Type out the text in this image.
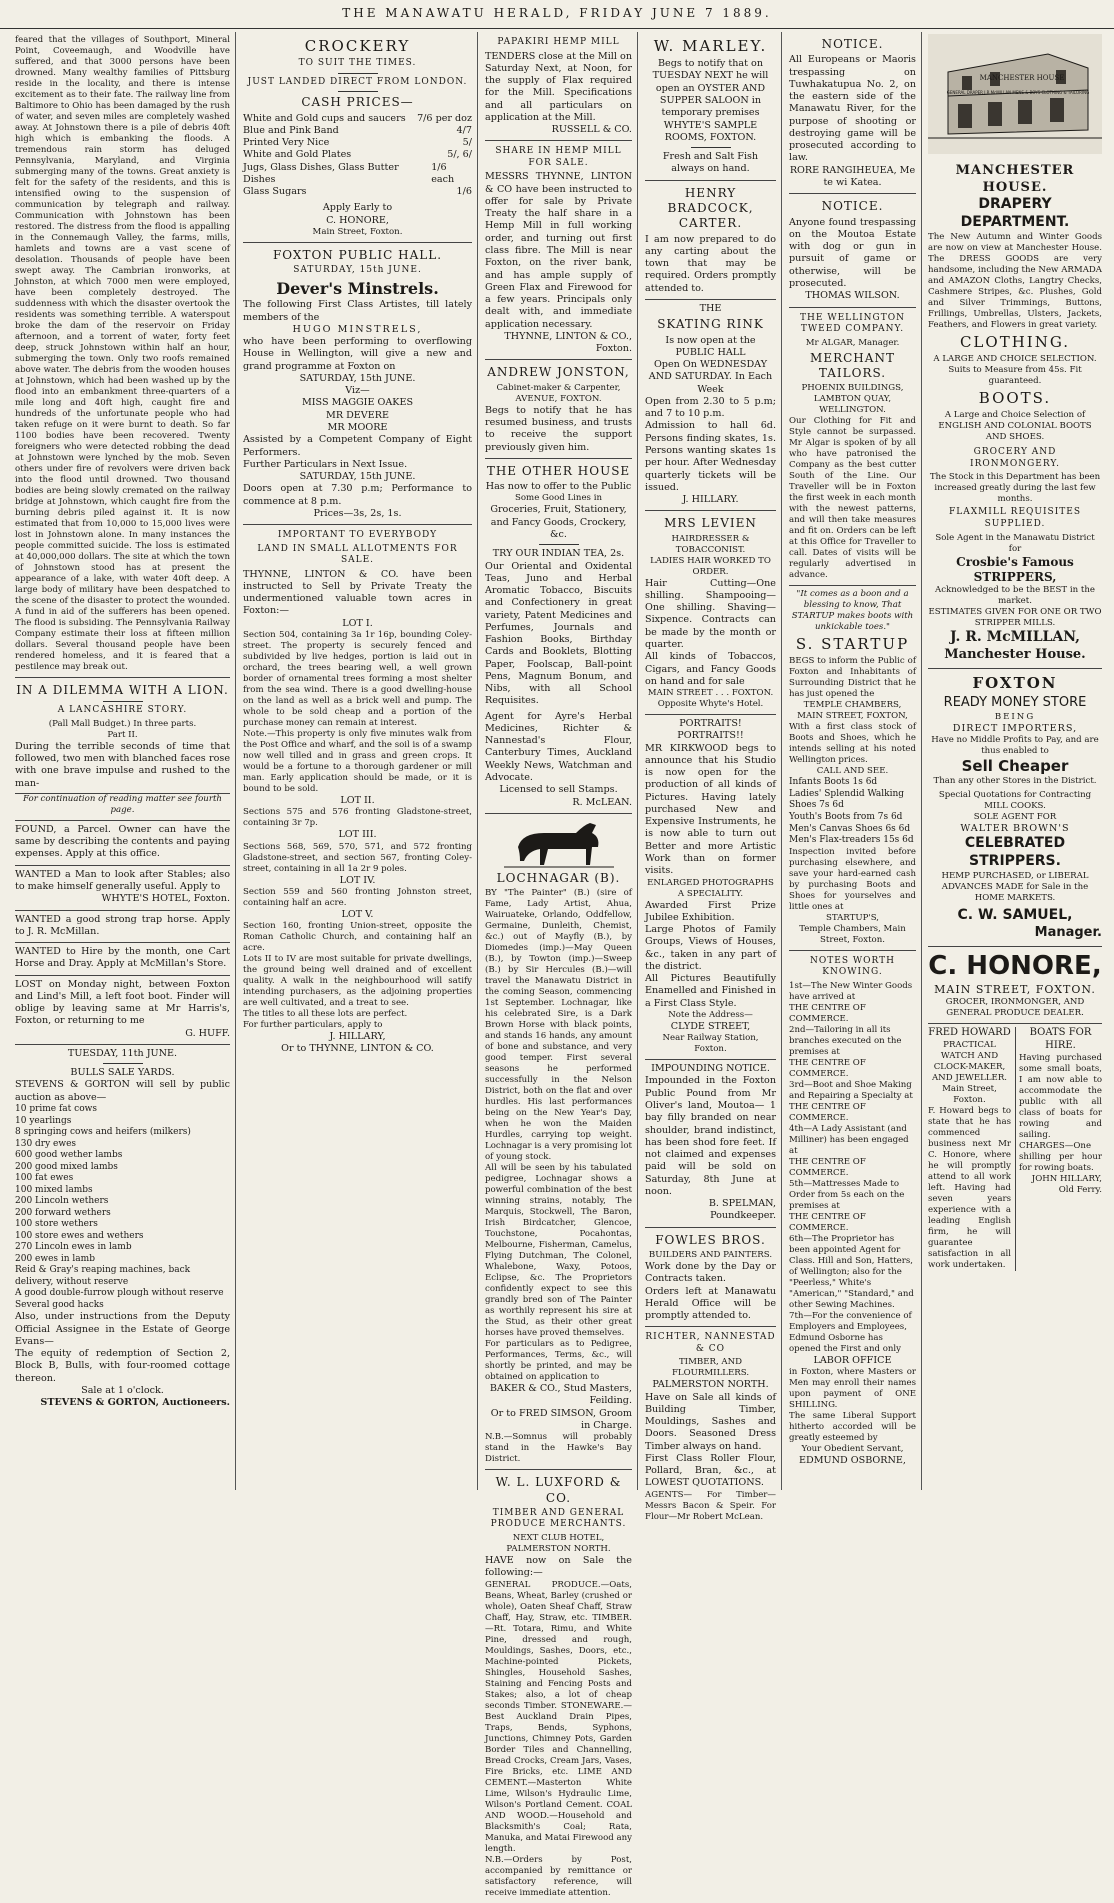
THE MANAWATU HERALD, FRIDAY JUNE 7 1889.
feared that the villages of Southport, Mineral Point, Coveemaugh, and Woodville have suffered, and that 3000 persons have been drowned. Many wealthy families of Pittsburg reside in the locality, and there is intense excitement as to their fate. The railway line from Baltimore to Ohio has been damaged by the rush of water, and seven miles are completely washed away. At Johnstown there is a pile of debris 40ft high which is embanking the floods. A tremendous rain storm has deluged Pennsylvania, Maryland, and Virginia submerging many of the towns. Great anxiety is felt for the safety of the residents, and this is intensified owing to the suspension of communication by telegraph and railway. Communication with Johnstown has been restored. The distress from the flood is appalling in the Connemaugh Valley, the farms, mills, hamlets and towns are a vast scene of desolation. Thousands of people have been swept away. The Cambrian ironworks, at Johnston, at which 7000 men were employed, have been completely destroyed. The suddenness with which the disaster overtook the residents was something terrible. A waterspout broke the dam of the reservoir on Friday afternoon, and a torrent of water, forty feet deep, struck Johnstown within half an hour, submerging the town. Only two roofs remained above water. The debris from the wooden houses at Johnstown, which had been washed up by the flood into an embankment three-quarters of a mile long and 40ft high, caught fire and hundreds of the unfortunate people who had taken refuge on it were burnt to death. So far 1100 bodies have been recovered. Twenty foreigners who were detected robbing the dead at Johnstown were lynched by the mob. Seven others under fire of revolvers were driven back into the flood until drowned. Two thousand bodies are being slowly cremated on the railway bridge at Johnstown, which caught fire from the burning debris piled against it. It is now estimated that from 10,000 to 15,000 lives were lost in Johnstown alone. In many instances the people committed suicide. The loss is estimated at 40,000,000 dollars. The site at which the town of Johnstown stood has at present the appearance of a lake, with water 40ft deep. A large body of military have been despatched to the scene of the disaster to protect the wounded. A fund in aid of the sufferers has been opened. The flood is subsiding. The Pennsylvania Railway Company estimate their loss at fifteen million dollars. Several thousand people have been rendered homeless, and it is feared that a pestilence may break out.
IN A DILEMMA WITH A LION.
A LANCASHIRE STORY.
(Pall Mall Budget.) In three parts.
Part II.
During the terrible seconds of time that followed, two men with blanched faces rose with one brave impulse and rushed to the man-
For continuation of reading matter see fourth page.
FOUND, a Parcel. Owner can have the same by describing the contents and paying expenses. Apply at this office.
WANTED a Man to look after Stables; also to make himself generally useful. Apply to
WHYTE'S HOTEL, Foxton.
WANTED a good strong trap horse. Apply to J. R. McMillan.
WANTED to Hire by the month, one Cart Horse and Dray. Apply at McMillan's Store.
LOST on Monday night, between Foxton and Lind's Mill, a left foot boot. Finder will oblige by leaving same at Mr Harris's, Foxton, or returning to me
G. HUFF.
TUESDAY, 11th JUNE.
BULLS SALE YARDS.
STEVENS & GORTON will sell by public auction as above—
10 prime fat cows
10 yearlings
8 springing cows and heifers (milkers)
130 dry ewes
600 good wether lambs
200 good mixed lambs
100 fat ewes
100 mixed lambs
200 Lincoln wethers
200 forward wethers
100 store wethers
100 store ewes and wethers
270 Lincoln ewes in lamb
200 ewes in lamb
Reid & Gray's reaping machines, back delivery, without reserve
A good double-furrow plough without reserve
Several good hacks
Also, under instructions from the Deputy Official Assignee in the Estate of George Evans—
The equity of redemption of Section 2, Block B, Bulls, with four-roomed cottage thereon.
Sale at 1 o'clock.
STEVENS & GORTON, Auctioneers.
CROCKERY
TO SUIT THE TIMES.
JUST LANDED DIRECT FROM LONDON.
CASH PRICES—
White and Gold cups and saucers 7/6 per doz
Blue and Pink Band	4/7
Printed Very Nice	5/
White and Gold Plates	5/, 6/
Jugs, Glass Dishes, Glass Butter Dishes
1/6 each
Glass Sugars	1/6
Apply Early to
C. HONORE,
Main Street, Foxton.
FOXTON PUBLIC HALL.
SATURDAY, 15th JUNE.
Dever's Minstrels.
The following First Class Artistes, till lately members of the
HUGO MINSTRELS,
who have been performing to overflowing House in Wellington, will give a new and grand programme at Foxton on
SATURDAY, 15th JUNE.
Viz—
MISS MAGGIE OAKES
MR DEVERE
MR MOORE
Assisted by a Competent Company of Eight Performers.
Further Particulars in Next Issue.
SATURDAY, 15th JUNE.
Doors open at 7.30 p.m; Performance to commence at 8 p.m.
Prices—3s, 2s, 1s.
IMPORTANT TO EVERYBODY
LAND IN SMALL ALLOTMENTS FOR SALE.
THYNNE, LINTON & CO. have been instructed to Sell by Private Treaty the undermentioned valuable town acres in Foxton:—
LOT I.
Section 504, containing 3a 1r 16p, bounding Coley-street. The property is securely fenced and subdivided by live hedges, portion is laid out in orchard, the trees bearing well, a well grown border of ornamental trees forming a most shelter from the sea wind. There is a good dwelling-house on the land as well as a brick well and pump. The whole to be sold cheap and a portion of the purchase money can remain at interest.
Note.—This property is only five minutes walk from the Post Office and wharf, and the soil is of a swamp now well tilled and in grass and green crops. It would be a fortune to a thorough gardener or mill man. Early application should be made, or it is bound to be sold.
LOT II.
Sections 575 and 576 fronting Gladstone-street, containing 3r 7p.
LOT III.
Sections 568, 569, 570, 571, and 572 fronting Gladstone-street, and section 567, fronting Coley-street, containing in all 1a 2r 9 poles.
LOT IV.
Section 559 and 560 fronting Johnston street, containing half an acre.
LOT V.
Section 160, fronting Union-street, opposite the Roman Catholic Church, and containing half an acre.
Lots II to IV are most suitable for private dwellings, the ground being well drained and of excellent quality. A walk in the neighbourhood will satify intending purchasers, as the adjoining properties are well cultivated, and a treat to see.
The titles to all these lots are perfect.
For further particulars, apply to
J. HILLARY,
Or to THYNNE, LINTON & CO.
PAPAKIRI HEMP MILL
TENDERS close at the Mill on Saturday Next, at Noon, for the supply of Flax required for the Mill. Specifications and all particulars on application at the Mill.
RUSSELL & CO.
SHARE IN HEMP MILL FOR SALE.
MESSRS THYNNE, LINTON & CO have been instructed to offer for sale by Private Treaty the half share in a Hemp Mill in full working order, and turning out first class fibre. The Mill is near Foxton, on the river bank, and has ample supply of Green Flax and Firewood for a few years. Principals only dealt with, and immediate application necessary.
THYNNE, LINTON & CO., Foxton.
ANDREW JONSTON,
Cabinet-maker & Carpenter, AVENUE, FOXTON.
Begs to notify that he has resumed business, and trusts to receive the support previously given him.
THE OTHER HOUSE
Has now to offer to the Public
Some Good Lines in
Groceries, Fruit, Stationery, and Fancy Goods, Crockery, &c.
TRY OUR INDIAN TEA, 2s.
Our Oriental and Oxidental Teas, Juno and Herbal Aromatic Tobacco, Biscuits and Confectionery in great variety, Patent Medicines and Perfumes, Journals and Fashion Books, Birthday Cards and Booklets, Blotting Paper, Foolscap, Ball-point Pens, Magnum Bonum, and Nibs, with all School Requisites.
Agent for Ayre's Herbal Medicines, Richter & Nannestad's Flour, Canterbury Times, Auckland Weekly News, Watchman and Advocate.
Licensed to sell Stamps.
R. McLEAN.
LOCHNAGAR (B).
BY "The Painter" (B.) (sire of Fame, Lady Artist, Ahua, Wairuateke, Orlando, Oddfellow, Germaine, Dunleith, Chemist, &c.) out of Mayfly (B.), by Diomedes (imp.)—May Queen (B.), by Towton (imp.)—Sweep (B.) by Sir Hercules (B.)—will travel the Manawatu District in the coming Season, commencing 1st September. Lochnagar, like his celebrated Sire, is a Dark Brown Horse with black points, and stands 16 hands, any amount of bone and substance, and very good temper. First several seasons he performed successfully in the Nelson District, both on the flat and over hurdles. His last performances being on the New Year's Day, when he won the Maiden Hurdles, carrying top weight. Lochnagar is a very promising lot of young stock.
All will be seen by his tabulated pedigree, Lochnagar shows a powerful combination of the best winning strains, notably, The Marquis, Stockwell, The Baron, Irish Birdcatcher, Glencoe, Touchstone, Pocahontas, Melbourne, Fisherman, Camelus, Flying Dutchman, The Colonel, Whalebone, Waxy, Potoos, Eclipse, &c. The Proprietors confidently expect to see this grandly bred son of The Painter as worthily represent his sire at the Stud, as their other great horses have proved themselves.
For particulars as to Pedigree, Performances, Terms, &c., will shortly be printed, and may be obtained on application to
BAKER & CO., Stud Masters, Feilding.
Or to FRED SIMSON, Groom in Charge.
N.B.—Somnus will probably stand in the Hawke's Bay District.
W. L. LUXFORD & CO.
TIMBER AND GENERAL PRODUCE MERCHANTS.
NEXT CLUB HOTEL, PALMERSTON NORTH.
HAVE now on Sale the following:—
GENERAL PRODUCE.—Oats, Beans, Wheat, Barley (crushed or whole), Oaten Sheaf Chaff, Straw Chaff, Hay, Straw, etc. TIMBER.—Rt. Totara, Rimu, and White Pine, dressed and rough, Mouldings, Sashes, Doors, etc., Machine-pointed Pickets, Shingles, Household Sashes, Staining and Fencing Posts and Stakes; also, a lot of cheap seconds Timber. STONEWARE.—Best Auckland Drain Pipes, Traps, Bends, Syphons, Junctions, Chimney Pots, Garden Border Tiles and Channelling, Bread Crocks, Cream Jars, Vases, Fire Bricks, etc. LIME AND CEMENT.—Masterton White Lime, Wilson's Hydraulic Lime, Wilson's Portland Cement. COAL AND WOOD.—Household and Blacksmith's Coal; Rata, Manuka, and Matai Firewood any length.
N.B.—Orders by Post, accompanied by remittance or satisfactory reference, will receive immediate attention.
W. MARLEY.
Begs to notify that on TUESDAY NEXT he will open an OYSTER AND SUPPER SALOON in temporary premises WHYTE'S SAMPLE ROOMS, FOXTON.
Fresh and Salt Fish always on hand.
HENRY BRADCOCK, CARTER.
I am now prepared to do any carting about the town that may be required. Orders promptly attended to.
THE
SKATING RINK
Is now open at the PUBLIC HALL
Open On WEDNESDAY AND SATURDAY. In Each Week
Open from 2.30 to 5 p.m; and 7 to 10 p.m.
Admission to hall 6d. Persons finding skates, 1s. Persons wanting skates 1s per hour. After Wednesday quarterly tickets will be issued.
J. HILLARY.
MRS LEVIEN
HAIRDRESSER & TOBACCONIST.
LADIES HAIR WORKED TO ORDER.
Hair Cutting—One shilling. Shampooing—One shilling. Shaving—Sixpence. Contracts can be made by the month or quarter.
All kinds of Tobaccos, Cigars, and Fancy Goods on hand and for sale
MAIN STREET . . . FOXTON. Opposite Whyte's Hotel.
PORTRAITS! PORTRAITS!!
MR KIRKWOOD begs to announce that his Studio is now open for the production of all kinds of Pictures. Having lately purchased New and Expensive Instruments, he is now able to turn out Better and more Artistic Work than on former visits.
ENLARGED PHOTOGRAPHS A SPECIALITY.
Awarded First Prize Jubilee Exhibition.
Large Photos of Family Groups, Views of Houses, &c., taken in any part of the district.
All Pictures Beautifully Enamelled and Finished in a First Class Style.
Note the Address—
CLYDE STREET,
Near Railway Station, Foxton.
IMPOUNDING NOTICE.
Impounded in the Foxton Public Pound from Mr Oliver's land, Moutoa— 1 bay filly branded on near shoulder, brand indistinct, has been shod fore feet. If not claimed and expenses paid will be sold on Saturday, 8th June at noon.
B. SPELMAN, Poundkeeper.
FOWLES BROS.
BUILDERS AND PAINTERS.
Work done by the Day or Contracts taken.
Orders left at Manawatu Herald Office will be promptly attended to.
RICHTER, NANNESTAD & CO
TIMBER, AND FLOURMILLERS.
PALMERSTON NORTH.
Have on Sale all kinds of Building Timber, Mouldings, Sashes and Doors. Seasoned Dress Timber always on hand.
First Class Roller Flour, Pollard, Bran, &c., at LOWEST QUOTATIONS.
AGENTS— For Timber—Messrs Bacon & Speir. For Flour—Mr Robert McLean.
NOTICE.
All Europeans or Maoris trespassing on Tuwhakatupua No. 2, on the eastern side of the Manawatu River, for the purpose of shooting or destroying game will be prosecuted according to law.
RORE RANGIHEUEA, Me te wi Katea.
NOTICE.
Anyone found trespassing on the Moutoa Estate with dog or gun in pursuit of game or otherwise, will be prosecuted.
THOMAS WILSON.
THE WELLINGTON TWEED COMPANY.
Mr ALGAR, Manager.
MERCHANT TAILORS.
PHOENIX BUILDINGS, LAMBTON QUAY, WELLINGTON.
Our Clothing for Fit and Style cannot be surpassed. Mr Algar is spoken of by all who have patronised the Company as the best cutter South of the Line. Our Traveller will be in Foxton the first week in each month with the newest patterns, and will then take measures and fit on. Orders can be left at this Office for Traveller to call. Dates of visits will be regularly advertised in advance.
"It comes as a boon and a blessing to know, That STARTUP makes boots with unkickable toes."
S. STARTUP
BEGS to inform the Public of Foxton and Inhabitants of Surrounding District that he has just opened the
TEMPLE CHAMBERS,
MAIN STREET, FOXTON,
With a first class stock of Boots and Shoes, which he intends selling at his noted Wellington prices.
CALL AND SEE.
Infants Boots 1s 6d
Ladies' Splendid Walking Shoes 7s 6d
Youth's Boots from 7s 6d
Men's Canvas Shoes 6s 6d
Men's Flax-treaders 15s 6d
Inspection invited before purchasing elsewhere, and save your hard-earned cash by purchasing Boots and Shoes for yourselves and little ones at
STARTUP'S,
Temple Chambers, Main Street, Foxton.
NOTES WORTH KNOWING.
1st—The New Winter Goods have arrived at
THE CENTRE OF COMMERCE.
2nd—Tailoring in all its branches executed on the premises at
THE CENTRE OF COMMERCE.
3rd—Boot and Shoe Making and Repairing a Specialty at
THE CENTRE OF COMMERCE.
4th—A Lady Assistant (and Milliner) has been engaged at
THE CENTRE OF COMMERCE.
5th—Mattresses Made to Order from 5s each on the premises at
THE CENTRE OF COMMERCE.
6th—The Proprietor has been appointed Agent for Class. Hill and Son, Hatters, of Wellington; also for the "Peerless," White's "American," "Standard," and other Sewing Machines.
7th—For the convenience of Employers and Employees, Edmund Osborne has opened the First and only
LABOR OFFICE
in Foxton, where Masters or Men may enroll their names upon payment of ONE SHILLING.
The same Liberal Support hitherto accorded will be greatly esteemed by
Your Obedient Servant,
EDMUND OSBORNE,
MANCHESTER HOUSE
GENERAL DRAPER J.R.McMILLAN MENS & BOYS CLOTHING & TAILORING
MANCHESTER HOUSE.
DRAPERY DEPARTMENT.
The New Autumn and Winter Goods are now on view at Manchester House. The DRESS GOODS are very handsome, including the New ARMADA and AMAZON Cloths, Langtry Checks, Cashmere Stripes, &c. Plushes, Gold and Silver Trimmings, Buttons, Frillings, Umbrellas, Ulsters, Jackets, Feathers, and Flowers in great variety.
CLOTHING.
A LARGE AND CHOICE SELECTION.
Suits to Measure from 45s. Fit guaranteed.
BOOTS.
A Large and Choice Selection of
ENGLISH AND COLONIAL BOOTS AND SHOES.
GROCERY AND IRONMONGERY.
The Stock in this Department has been increased greatly during the last few months.
FLAXMILL REQUISITES SUPPLIED.
Sole Agent in the Manawatu District for
Crosbie's Famous STRIPPERS,
Acknowledged to be the BEST in the market.
ESTIMATES GIVEN FOR ONE OR TWO STRIPPER MILLS.
J. R. McMILLAN,
Manchester House.
FOXTON
READY MONEY STORE
BEING
DIRECT IMPORTERS,
Have no Middle Profits to Pay, and are thus enabled to
Sell Cheaper
Than any other Stores in the District.
Special Quotations for Contracting MILL COOKS.
SOLE AGENT FOR
WALTER BROWN'S
CELEBRATED STRIPPERS.
HEMP PURCHASED, or LIBERAL ADVANCES MADE for Sale in the HOME MARKETS.
C. W. SAMUEL,
Manager.
C. HONORE,
MAIN STREET, FOXTON.
GROCER, IRONMONGER, AND GENERAL PRODUCE DEALER.
FRED HOWARD
PRACTICAL WATCH AND CLOCK-MAKER, AND JEWELLER.
Main Street, Foxton.
F. Howard begs to state that he has commenced business next Mr C. Honore, where he will promptly attend to all work left. Having had seven years experience with a leading English firm, he will guarantee satisfaction in all work undertaken.
BOATS FOR HIRE.
Having purchased some small boats, I am now able to accommodate the public with all class of boats for rowing and sailing.
CHARGES—One shilling per hour for rowing boats.
JOHN HILLARY, Old Ferry.
